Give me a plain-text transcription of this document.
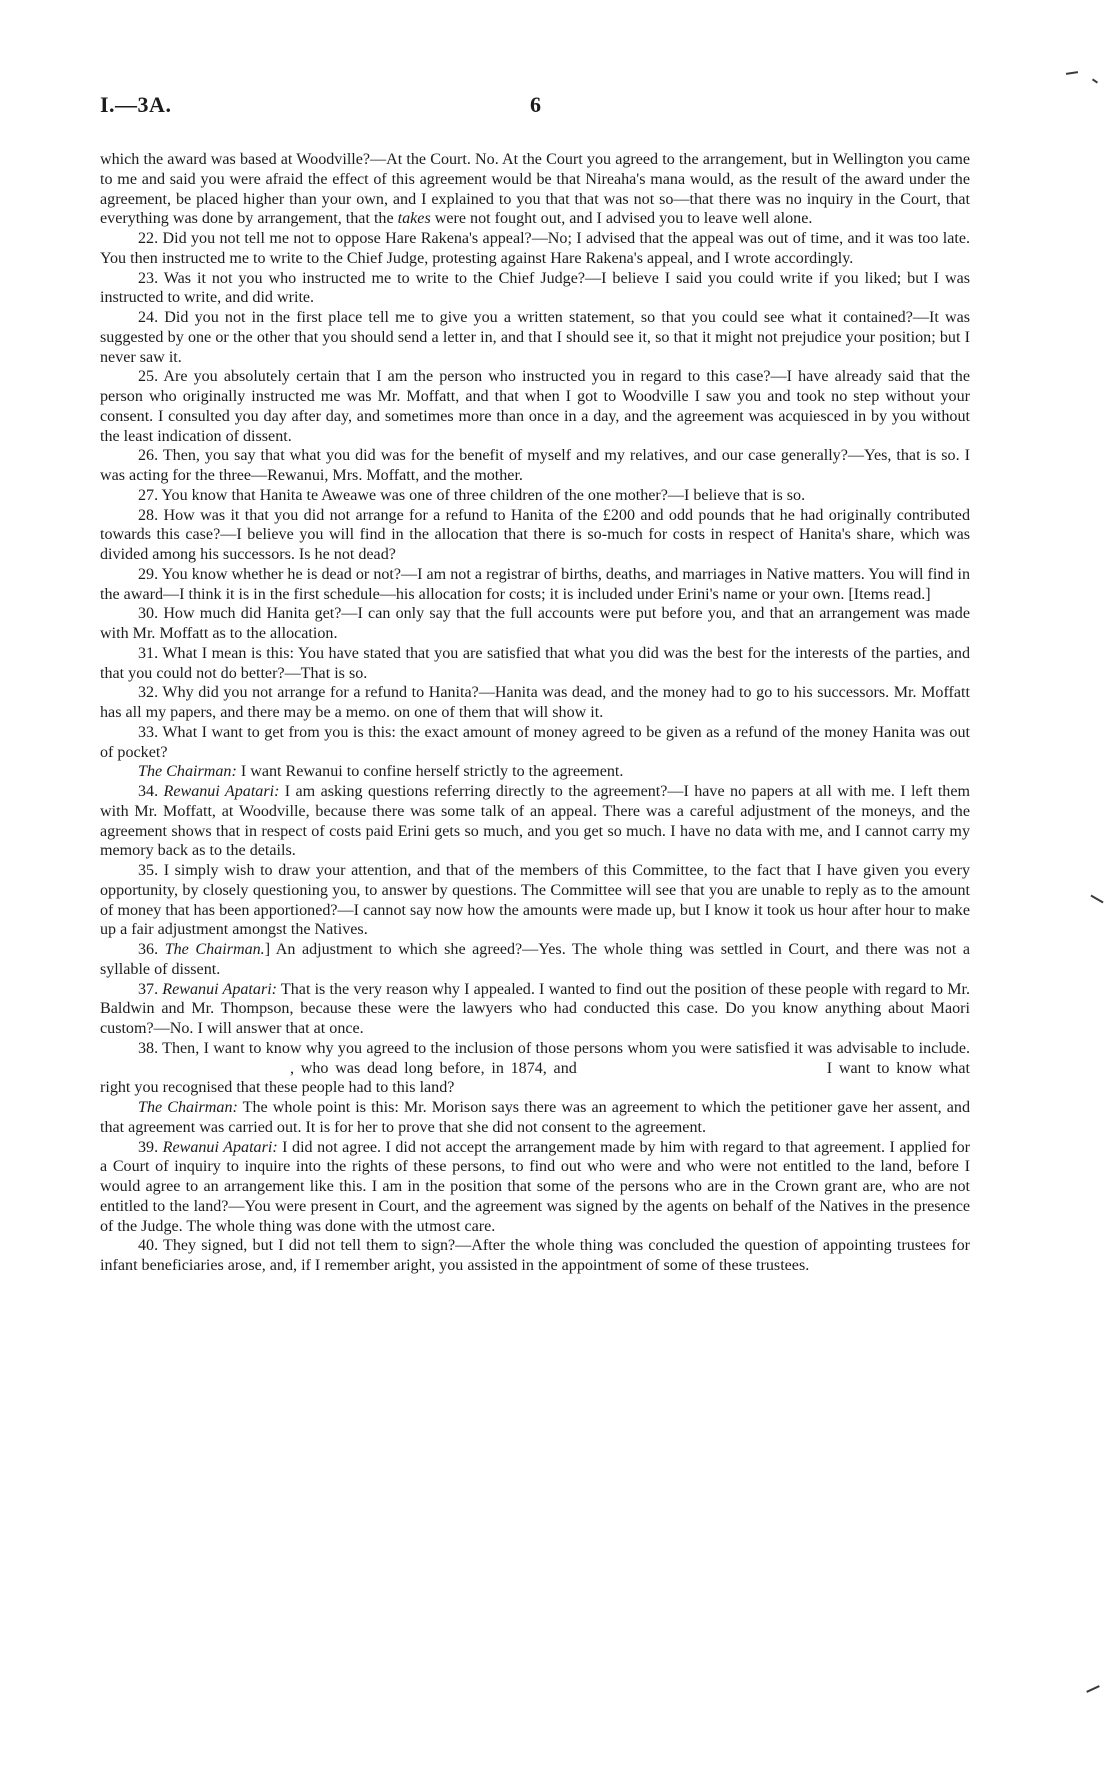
I.—3A.	6

which the award was based at Woodville?—At the Court. No. At the Court you agreed to the arrangement, but in Wellington you came to me and said you were afraid the effect of this agreement would be that Nireaha's mana would, as the result of the award under the agreement, be placed higher than your own, and I explained to you that that was not so—that there was no inquiry in the Court, that everything was done by arrangement, that the takes were not fought out, and I advised you to leave well alone.

22. Did you not tell me not to oppose Hare Rakena's appeal?—No; I advised that the appeal was out of time, and it was too late. You then instructed me to write to the Chief Judge, protesting against Hare Rakena's appeal, and I wrote accordingly.

23. Was it not you who instructed me to write to the Chief Judge?—I believe I said you could write if you liked; but I was instructed to write, and did write.

24. Did you not in the first place tell me to give you a written statement, so that you could see what it contained?—It was suggested by one or the other that you should send a letter in, and that I should see it, so that it might not prejudice your position; but I never saw it.

25. Are you absolutely certain that I am the person who instructed you in regard to this case?—I have already said that the person who originally instructed me was Mr. Moffatt, and that when I got to Woodville I saw you and took no step without your consent. I consulted you day after day, and sometimes more than once in a day, and the agreement was acquiesced in by you without the least indication of dissent.

26. Then, you say that what you did was for the benefit of myself and my relatives, and our case generally?—Yes, that is so. I was acting for the three—Rewanui, Mrs. Moffatt, and the mother.

27. You know that Hanita te Aweawe was one of three children of the one mother?—I believe that is so.

28. How was it that you did not arrange for a refund to Hanita of the £200 and odd pounds that he had originally contributed towards this case?—I believe you will find in the allocation that there is so-much for costs in respect of Hanita's share, which was divided among his successors. Is he not dead?

29. You know whether he is dead or not?—I am not a registrar of births, deaths, and marriages in Native matters. You will find in the award—I think it is in the first schedule—his allocation for costs; it is included under Erini's name or your own. [Items read.]

30. How much did Hanita get?—I can only say that the full accounts were put before you, and that an arrangement was made with Mr. Moffatt as to the allocation.

31. What I mean is this: You have stated that you are satisfied that what you did was the best for the interests of the parties, and that you could not do better?—That is so.

32. Why did you not arrange for a refund to Hanita?—Hanita was dead, and the money had to go to his successors. Mr. Moffatt has all my papers, and there may be a memo. on one of them that will show it.

33. What I want to get from you is this: the exact amount of money agreed to be given as a refund of the money Hanita was out of pocket?

The Chairman: I want Rewanui to confine herself strictly to the agreement.

34. Rewanui Apatari: I am asking questions referring directly to the agreement?—I have no papers at all with me. I left them with Mr. Moffatt, at Woodville, because there was some talk of an appeal. There was a careful adjustment of the moneys, and the agreement shows that in respect of costs paid Erini gets so much, and you get so much. I have no data with me, and I cannot carry my memory back as to the details.

35. I simply wish to draw your attention, and that of the members of this Committee, to the fact that I have given you every opportunity, by closely questioning you, to answer by questions. The Committee will see that you are unable to reply as to the amount of money that has been apportioned?—I cannot say now how the amounts were made up, but I know it took us hour after hour to make up a fair adjustment amongst the Natives.

36. The Chairman.] An adjustment to which she agreed?—Yes. The whole thing was settled in Court, and there was not a syllable of dissent.

37. Rewanui Apatari: That is the very reason why I appealed. I wanted to find out the position of these people with regard to Mr. Baldwin and Mr. Thompson, because these were the lawyers who had conducted this case. Do you know anything about Maori custom?—No. I will answer that at once.

38. Then, I want to know why you agreed to the inclusion of those persons whom you were satisfied it was advisable to include., who was dead long before, in 1874, and	I want to know what right you recognised that these people had to this land?

The Chairman: The whole point is this: Mr. Morison says there was an agreement to which the petitioner gave her assent, and that agreement was carried out. It is for her to prove that she did not consent to the agreement.

39. Rewanui Apatari: I did not agree. I did not accept the arrangement made by him with regard to that agreement. I applied for a Court of inquiry to inquire into the rights of these persons, to find out who were and who were not entitled to the land, before I would agree to an arrangement like this. I am in the position that some of the persons who are in the Crown grant are, who are not entitled to the land?—You were present in Court, and the agreement was signed by the agents on behalf of the Natives in the presence of the Judge. The whole thing was done with the utmost care.

40. They signed, but I did not tell them to sign?—After the whole thing was concluded the question of appointing trustees for infant beneficiaries arose, and, if I remember aright, you assisted in the appointment of some of these trustees.
